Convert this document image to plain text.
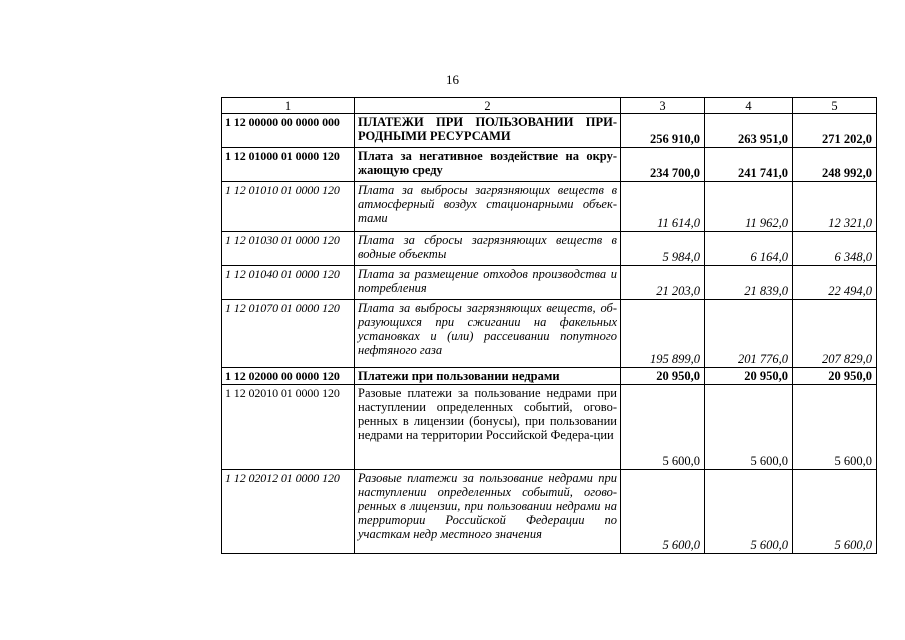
16
1	2	3	4	5
1 12 00000 00 0000 000	ПЛАТЕЖИ ПРИ ПОЛЬЗОВАНИИ ПРИ-РОДНЫМИ РЕСУРСАМИ	256 910,0	263 951,0	271 202,0
1 12 01000 01 0000 120	Плата за негативное воздействие на окру-жающую среду	234 700,0	241 741,0	248 992,0
1 12 01010 01 0000 120	Плата за выбросы загрязняющих веществ в атмосферный воздух стационарными объек-тами	11 614,0	11 962,0	12 321,0
1 12 01030 01 0000 120	Плата за сбросы загрязняющих веществ в водные объекты	5 984,0	6 164,0	6 348,0
1 12 01040 01 0000 120	Плата за размещение отходов производства и потребления	21 203,0	21 839,0	22 494,0
1 12 01070 01 0000 120	Плата за выбросы загрязняющих веществ, об-разующихся при сжигании на факельных установках и (или) рассеивании попутного нефтяного газа	195 899,0	201 776,0	207 829,0
1 12 02000 00 0000 120	Платежи при пользовании недрами	20 950,0	20 950,0	20 950,0
1 12 02010 01 0000 120	Разовые платежи за пользование недрами при наступлении определенных событий, огово-ренных в лицензии (бонусы), при пользовании недрами на территории Российской Федера-ции	5 600,0	5 600,0	5 600,0
1 12 02012 01 0000 120	Разовые платежи за пользование недрами при наступлении определенных событий, огово-ренных в лицензии, при пользовании недрами на территории Российской Федерации по участкам недр местного значения	5 600,0	5 600,0	5 600,0
